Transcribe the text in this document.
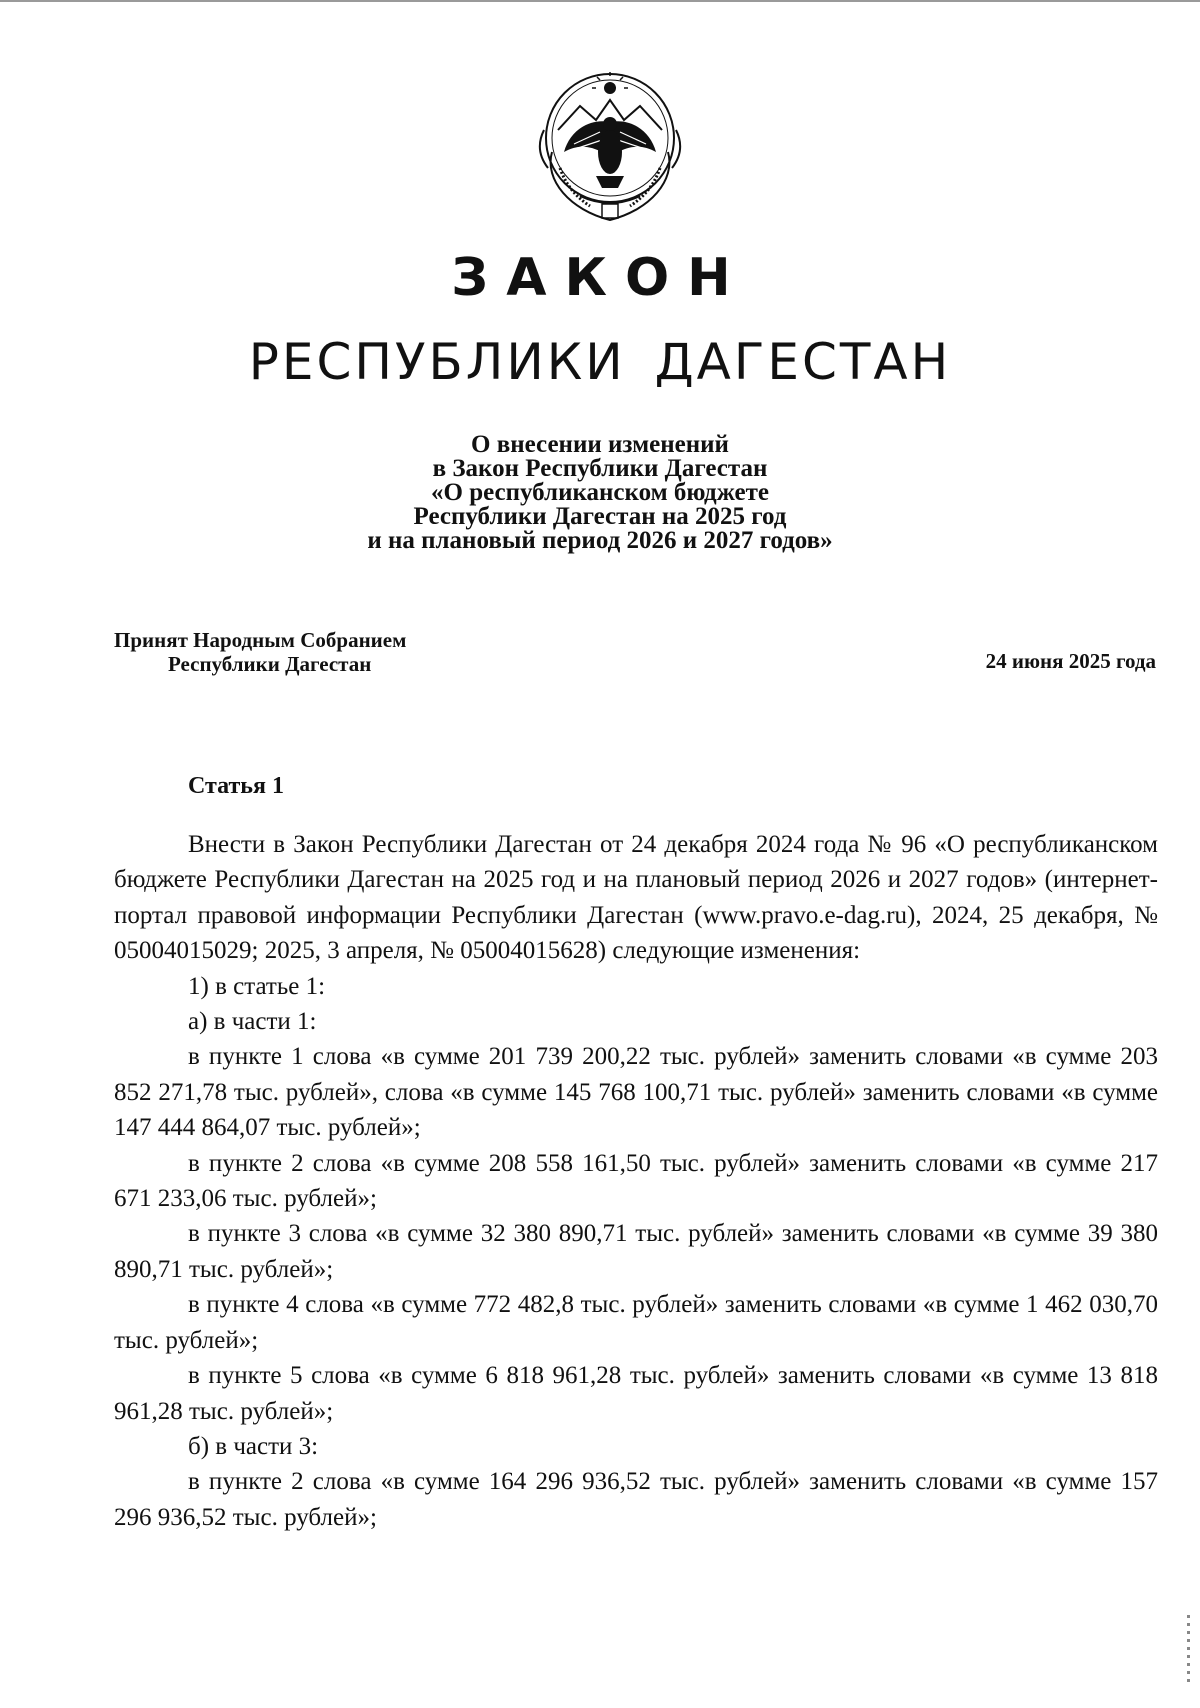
ЗАКОН
РЕСПУБЛИКИ ДАГЕСТАН
О внесении изменений
в Закон Республики Дагестан
«О республиканском бюджете
Республики Дагестан на 2025 год
и на плановый период 2026 и 2027 годов»
Принят Народным Собранием
Республики Дагестан	24 июня 2025 года
Статья 1

Внести в Закон Республики Дагестан от 24 декабря 2024 года № 96 «О республиканском бюджете Республики Дагестан на 2025 год и на плановый период 2026 и 2027 годов» (интернет-портал правовой информации Республики Дагестан (www.pravo.e-dag.ru), 2024, 25 декабря, № 05004015029; 2025, 3 апреля, № 05004015628) следующие изменения:

1) в статье 1:

а) в части 1:

в пункте 1 слова «в сумме 201 739 200,22 тыс. рублей» заменить словами «в сумме 203 852 271,78 тыс. рублей», слова «в сумме 145 768 100,71 тыс. рублей» заменить словами «в сумме 147 444 864,07 тыс. рублей»;

в пункте 2 слова «в сумме 208 558 161,50 тыс. рублей» заменить словами «в сумме 217 671 233,06 тыс. рублей»;

в пункте 3 слова «в сумме 32 380 890,71 тыс. рублей» заменить словами «в сумме 39 380 890,71 тыс. рублей»;

в пункте 4 слова «в сумме 772 482,8 тыс. рублей» заменить словами «в сумме 1 462 030,70 тыс. рублей»;

в пункте 5 слова «в сумме 6 818 961,28 тыс. рублей» заменить словами «в сумме 13 818 961,28 тыс. рублей»;

б) в части 3:

в пункте 2 слова «в сумме 164 296 936,52 тыс. рублей» заменить словами «в сумме 157 296 936,52 тыс. рублей»;
